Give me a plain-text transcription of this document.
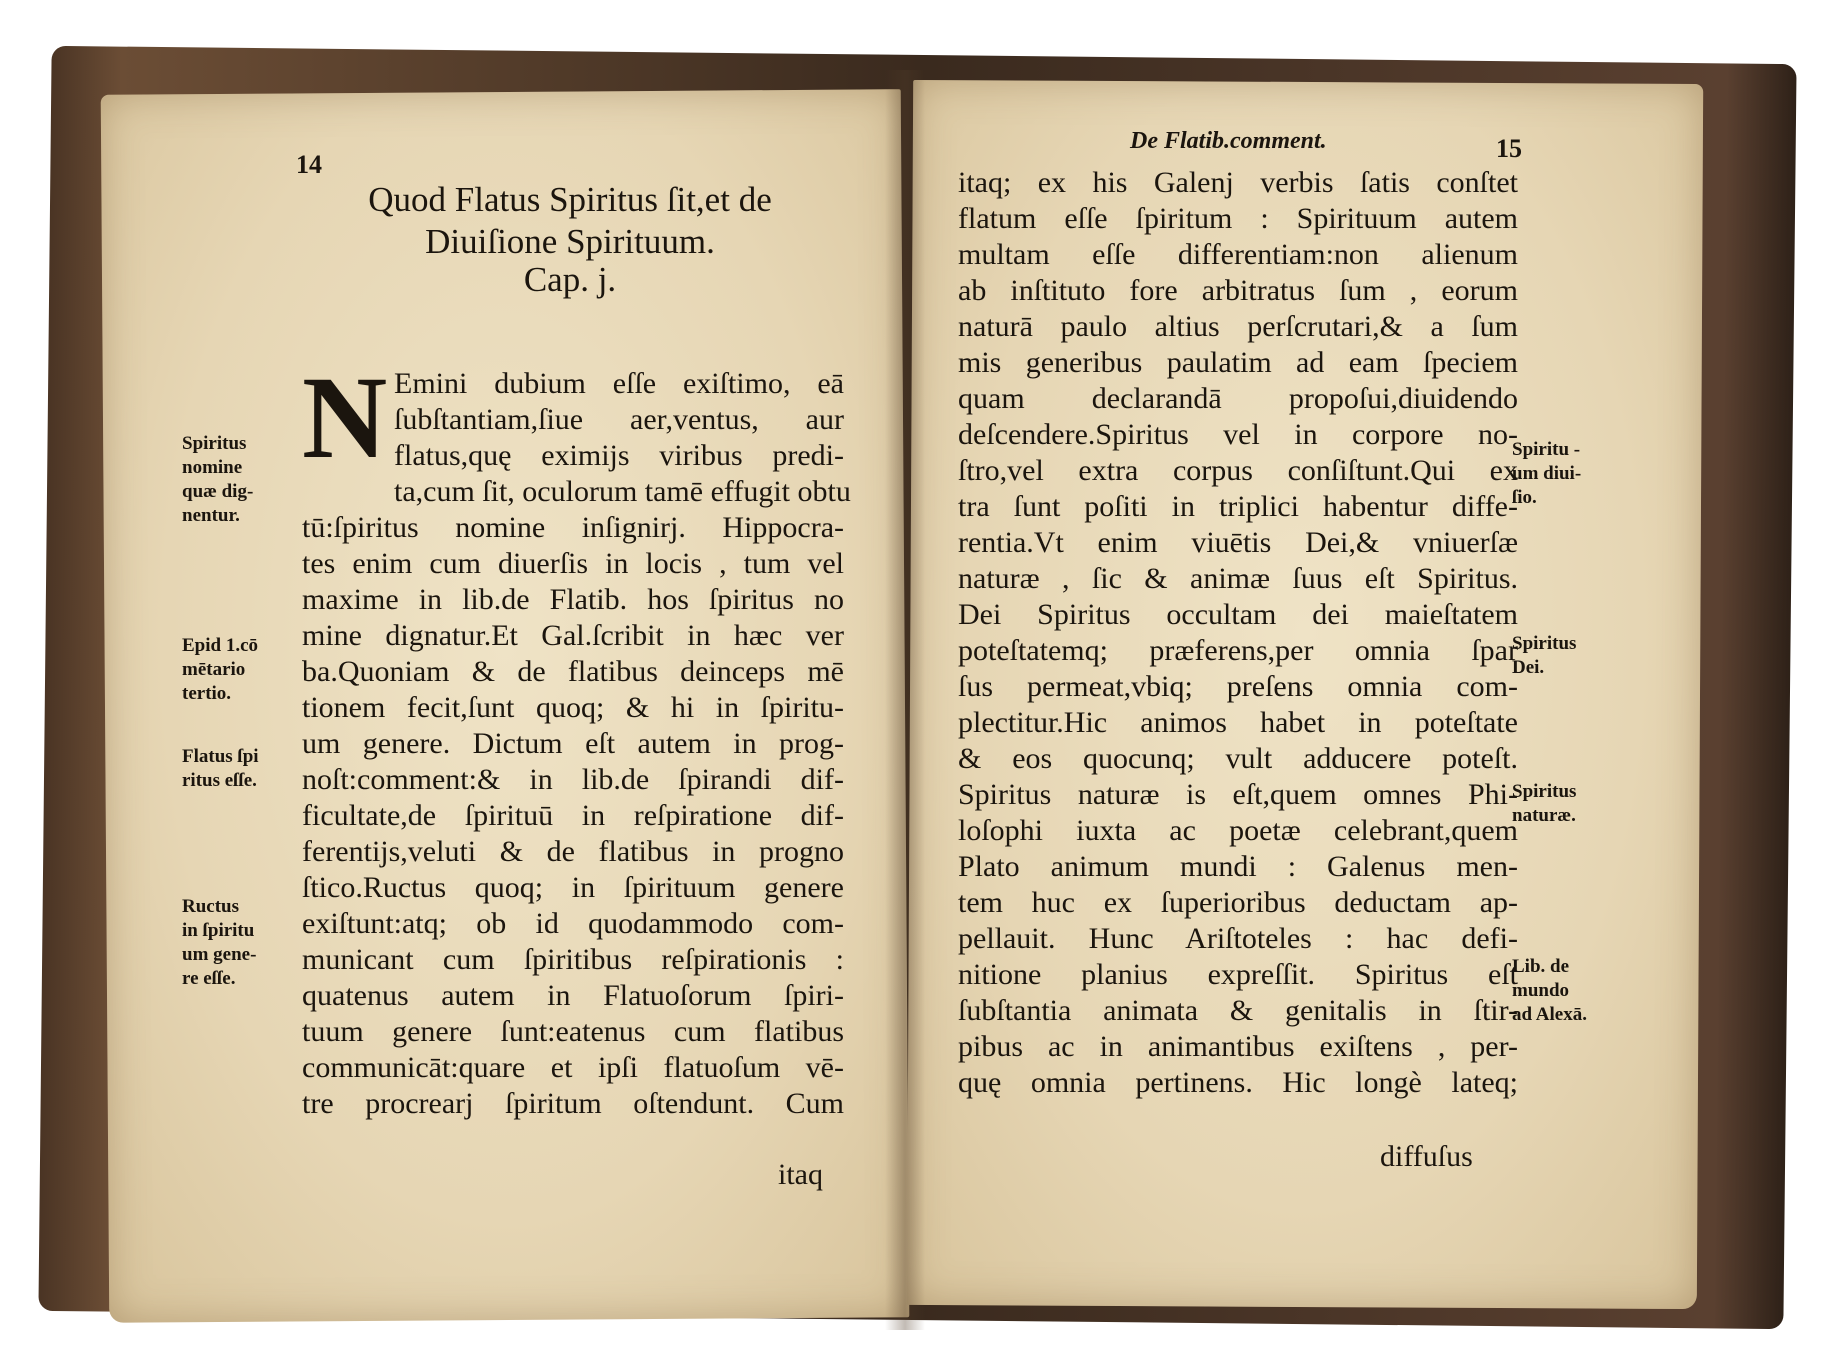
14
Quod Flatus Spiritus ſit,et de
Diuiſione Spirituum.
Cap. j.
N Emini dubium eſſe exiſtimo, eā
ſubſtantiam,ſiue aer,ventus, aur
flatus,quę eximijs viribus predi-
ta,cum ſit, oculorum tamē effugit obtu
tū:ſpiritus nomine inſignirj. Hippocra-
tes enim cum diuerſis in locis , tum vel
maxime in lib.de Flatib. hos ſpiritus no
mine dignatur.Et Gal.ſcribit in hæc ver
ba.Quoniam & de flatibus deinceps mē
tionem fecit,ſunt quoq; & hi in ſpiritu-
um genere. Dictum eſt autem in prog-
noſt:comment:& in lib.de ſpirandi dif-
ficultate,de ſpirituū in reſpiratione dif-
ferentijs,veluti & de flatibus in progno
ſtico.Ructus quoq; in ſpirituum genere
exiſtunt:atq; ob id quodammodo com-
municant cum ſpiritibus reſpirationis :
quatenus autem in Flatuoſorum ſpiri-
tuum genere ſunt:eatenus cum flatibus
communicāt:quare et ipſi flatuoſum vē-
tre procrearj ſpiritum oſtendunt. Cum
itaq
Spiritus
nomine
quæ dig-
nentur.
Epid 1.cō
mētario
tertio.
Flatus ſpi
ritus eſſe.
Ructus
in ſpiritu
um gene-
re eſſe.
De Flatib.comment.	15
itaq; ex his Galenj verbis ſatis conſtet
flatum eſſe ſpiritum : Spirituum autem
multam eſſe differentiam:non alienum
ab inſtituto fore arbitratus ſum , eorum
naturā paulo altius perſcrutari,& a ſum
mis generibus paulatim ad eam ſpeciem
quam declarandā propoſui,diuidendo
deſcendere.Spiritus vel in corpore no-
ſtro,vel extra corpus conſiſtunt.Qui ex
tra ſunt poſiti in triplici habentur diffe-
rentia.Vt enim viuētis Dei,& vniuerſæ
naturæ , ſic & animæ ſuus eſt Spiritus.
Dei Spiritus occultam dei maieſtatem
poteſtatemq; præferens,per omnia ſpar
ſus permeat,vbiq; preſens omnia com-
plectitur.Hic animos habet in poteſtate
& eos quocunq; vult adducere poteſt.
Spiritus naturæ is eſt,quem omnes Phi-
loſophi iuxta ac poetæ celebrant,quem
Plato animum mundi : Galenus men-
tem huc ex ſuperioribus deductam ap-
pellauit. Hunc Ariſtoteles : hac defi-
nitione planius expreſſit. Spiritus eſt
ſubſtantia animata & genitalis in ſtir-
pibus ac in animantibus exiſtens , per-
quę omnia pertinens. Hic longè lateq;
diffuſus
Spiritu -
um diui-
ſio.
Spiritus
Dei.
Spiritus
naturæ.
Lib. de
mundo
ad Alexā.
